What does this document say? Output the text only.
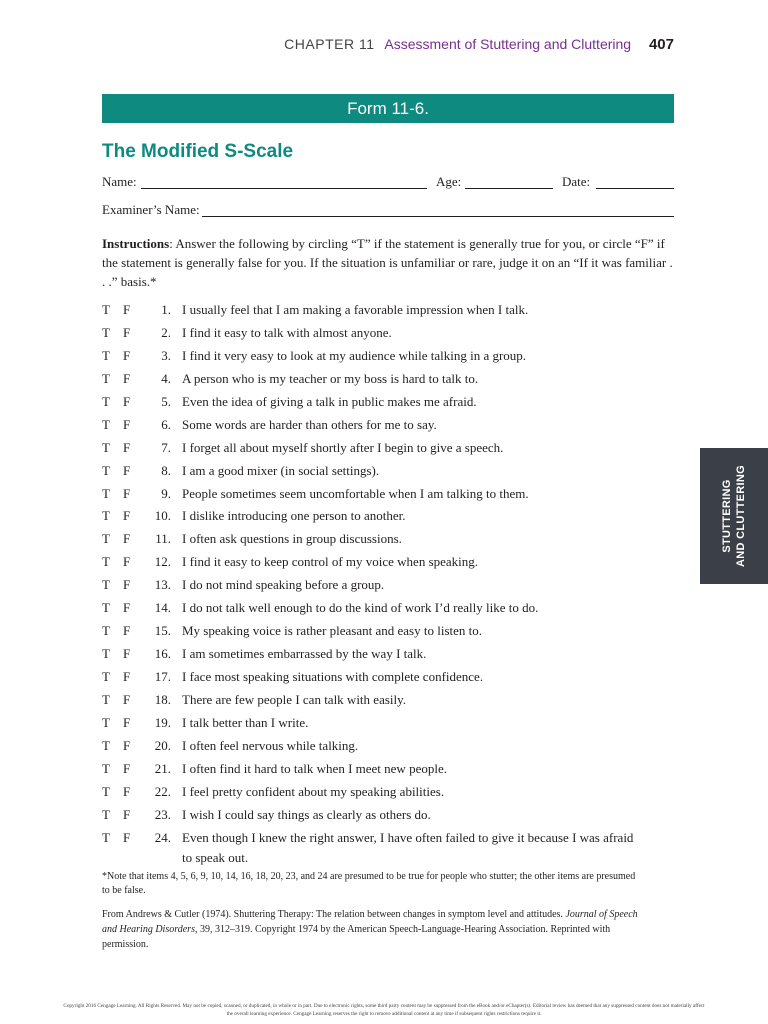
CHAPTER 11 Assessment of Stuttering and Cluttering 407
Form 11-6.
The Modified S-Scale
Name:	Age:	Date:
Examiner’s Name:

Instructions: Answer the following by circling “T” if the statement is generally true for you, or circle “F” if the statement is generally false for you. If the situation is unfamiliar or rare, judge it on an “If it was familiar . . .” basis.*

T F	1. I usually feel that I am making a favorable impression when I talk.
T F	2. I find it easy to talk with almost anyone.
T F	3. I find it very easy to look at my audience while talking in a group.
T F	4. A person who is my teacher or my boss is hard to talk to.
T F	5. Even the idea of giving a talk in public makes me afraid.
T F	6. Some words are harder than others for me to say.
T F	7. I forget all about myself shortly after I begin to give a speech.
T F	8. I am a good mixer (in social settings).
T F	9. People sometimes seem uncomfortable when I am talking to them.
T F	10. I dislike introducing one person to another.
T F	11. I often ask questions in group discussions.
T F	12. I find it easy to keep control of my voice when speaking.
T F	13. I do not mind speaking before a group.
T F	14. I do not talk well enough to do the kind of work I’d really like to do.
T F	15. My speaking voice is rather pleasant and easy to listen to.
T F	16. I am sometimes embarrassed by the way I talk.
T F	17. I face most speaking situations with complete confidence.
T F	18. There are few people I can talk with easily.
T F	19. I talk better than I write.
T F	20. I often feel nervous while talking.
T F	21. I often find it hard to talk when I meet new people.
T F	22. I feel pretty confident about my speaking abilities.
T F	23. I wish I could say things as clearly as others do.
T F	24. Even though I knew the right answer, I have often failed to give it because I was afraid to speak out.

*Note that items 4, 5, 6, 9, 10, 14, 16, 18, 20, 23, and 24 are presumed to be true for people who stutter; the other items are presumed to be false.

From Andrews & Cutler (1974). Shuttering Therapy: The relation between changes in symptom level and attitudes. Journal of Speech and Hearing Disorders, 39, 312–319. Copyright 1974 by the American Speech-Language-Hearing Association. Reprinted with permission.

Copyright 2016 Cengage Learning. All Rights Reserved. May not be copied, scanned, or duplicated, in whole or in part. Due to electronic rights, some third party content may be suppressed from the eBook and/or eChapter(s). Editorial review has deemed that any suppressed content does not materially affect the overall learning experience. Cengage Learning reserves the right to remove additional content at any time if subsequent rights restrictions require it.

STUTTERING AND CLUTTERING
